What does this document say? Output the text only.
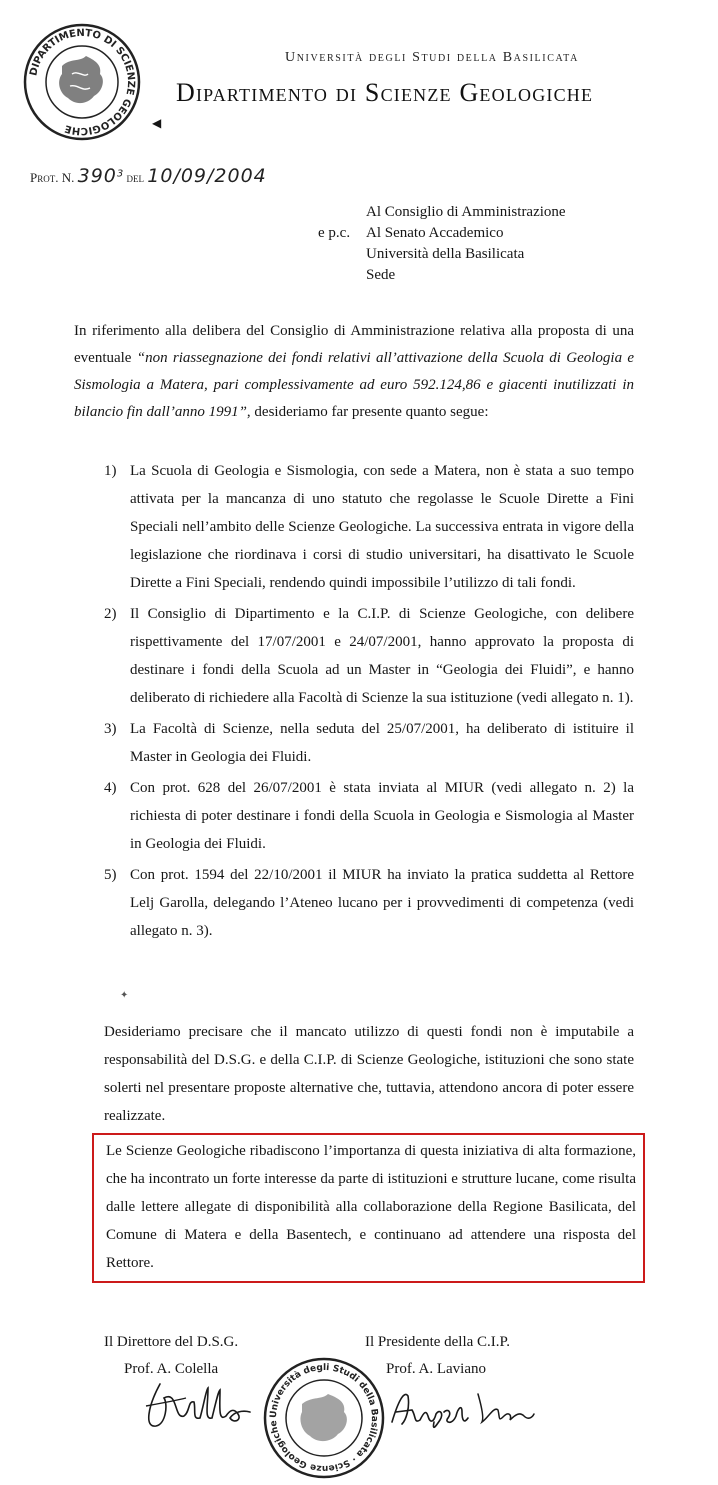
DIPARTIMENTO DI SCIENZE GEOLOGICHE
Università degli Studi della Basilicata
Dipartimento di Scienze Geologiche
◀
Prot. N. $390^3$ del 10/09/2004
Al Consiglio di Amministrazione
e p.c.	Al Senato Accademico
Università della Basilicata
Sede
In riferimento alla delibera del Consiglio di Amministrazione relativa alla proposta di una eventuale “non riassegnazione dei fondi relativi all’attivazione della Scuola di Geologia e Sismologia a Matera, pari complessivamente ad euro 592.124,86 e giacenti inutilizzati in bilancio fin dall’anno 1991”, desideriamo far presente quanto segue:
1) La Scuola di Geologia e Sismologia, con sede a Matera, non è stata a suo tempo attivata per la mancanza di uno statuto che regolasse le Scuole Dirette a Fini Speciali nell’ambito delle Scienze Geologiche. La successiva entrata in vigore della legislazione che riordinava i corsi di studio universitari, ha disattivato le Scuole Dirette a Fini Speciali, rendendo quindi impossibile l’utilizzo di tali fondi.
2) Il Consiglio di Dipartimento e la C.I.P. di Scienze Geologiche, con delibere rispettivamente del 17/07/2001 e 24/07/2001, hanno approvato la proposta di destinare i fondi della Scuola ad un Master in “Geologia dei Fluidi”, e hanno deliberato di richiedere alla Facoltà di Scienze la sua istituzione (vedi allegato n. 1).
3) La Facoltà di Scienze, nella seduta del 25/07/2001, ha deliberato di istituire il Master in Geologia dei Fluidi.
4) Con prot. 628 del 26/07/2001 è stata inviata al MIUR (vedi allegato n. 2) la richiesta di poter destinare i fondi della Scuola in Geologia e Sismologia al Master in Geologia dei Fluidi.
5) Con prot. 1594 del 22/10/2001 il MIUR ha inviato la pratica suddetta al Rettore Lelj Garolla, delegando l’Ateneo lucano per i provvedimenti di competenza (vedi allegato n. 3).
✦
Desideriamo precisare che il mancato utilizzo di questi fondi non è imputabile a responsabilità del D.S.G. e della C.I.P. di Scienze Geologiche, istituzioni che sono state solerti nel presentare proposte alternative che, tuttavia, attendono ancora di poter essere realizzate.
Le Scienze Geologiche ribadiscono l’importanza di questa iniziativa di alta formazione, che ha incontrato un forte interesse da parte di istituzioni e strutture lucane, come risulta dalle lettere allegate di disponibilità alla collaborazione della Regione Basilicata, del Comune di Matera e della Basentech, e continuano ad attendere una risposta del Rettore.
Il Direttore del D.S.G.
Prof. A. Colella
Il Presidente della C.I.P.
Prof. A. Laviano
Università degli Studi della Basilicata · Scienze Geologiche
